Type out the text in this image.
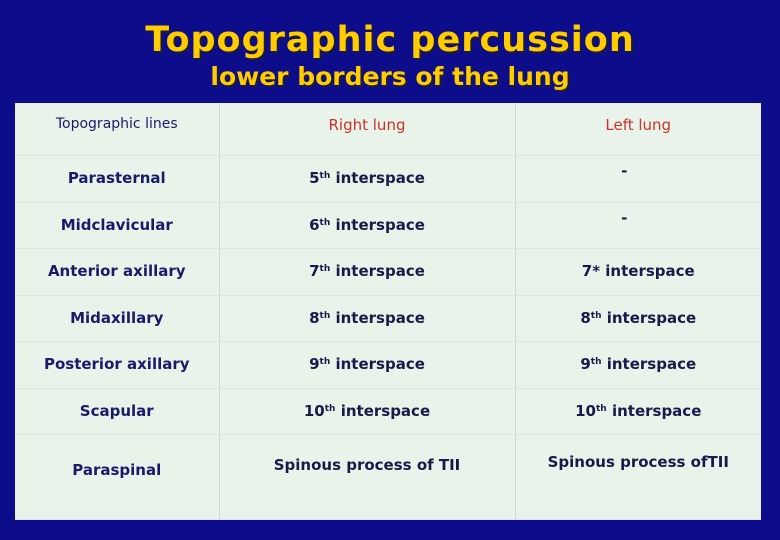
Topographic percussion
lower borders of the lung
Topographic lines	Right lung	Left lung

Parasternal	5th interspace	-

Midclavicular	6th interspace	-

Anterior axillary	7th interspace	7* interspace

Midaxillary	8th interspace	8th interspace

Posterior axillary	9th interspace	9th interspace

Scapular	10th interspace	10th interspace

Paraspinal	Spinous process of TII	Spinous process ofTII
